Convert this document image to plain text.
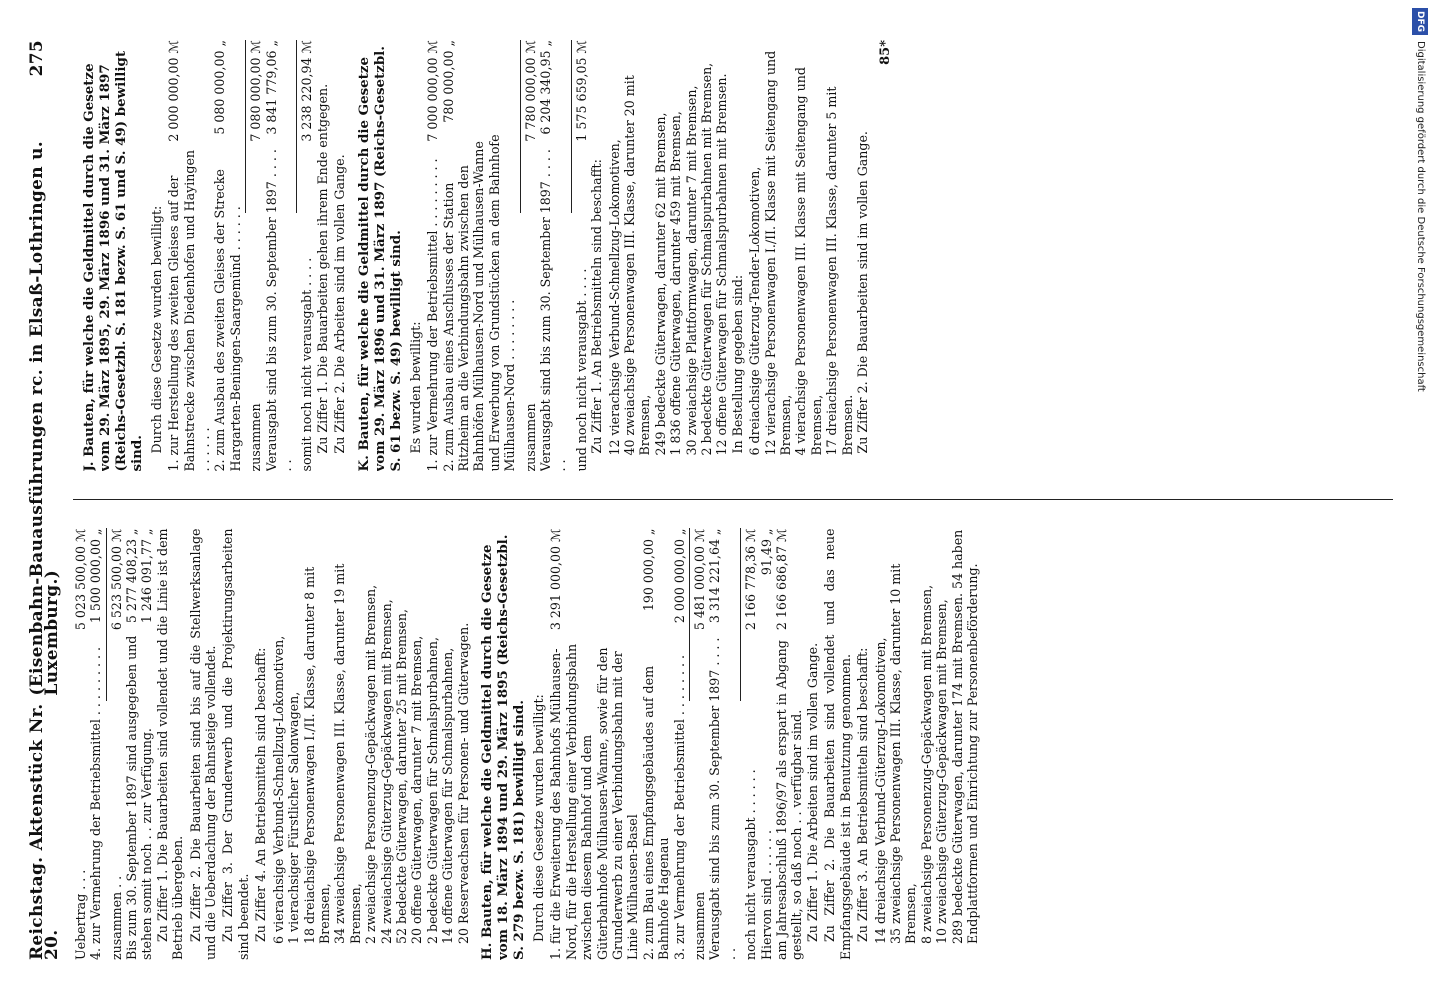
Reichstag. Aktenstück Nr. 20.
(Eisenbahn-Bauausführungen rc. in Elsaß-Lothringen u. Luxemburg.)
275
Uebertrag . . .
5 023 500,00 ℳ
4. zur Vermehrung der Betriebsmittel . . . . . . . . .
1 500 000,00 „
zusammen . .
6 523 500,00 ℳ
Bis zum 30. September 1897 sind ausgegeben und stehen somit noch . . zur Verfügung.
5 277 408,23 „
1 246 091,77 „ Zu Ziffer 1. Die Bauarbeiten sind vollendet und die Linie ist dem Betrieb übergeben. Zu Ziffer 2. Die Bauarbeiten sind bis auf die Stellwerksanlage und die Ueberdachung der Bahnsteige vollendet. Zu Ziffer 3. Der Grunderwerb und die Projektirungsarbeiten sind beendet. Zu Ziffer 4. An Betriebsmitteln sind beschafft: 6 vierachsige Verbund-Schnellzug-Lokomotiven, 1 vierachsiger Fürstlicher Salonwagen, 18 dreiachsige Personenwagen I./II. Klasse, darunter 8 mit Bremsen, 34 zweiachsige Personenwagen III. Klasse, darunter 19 mit Bremsen, 2 zweiachsige Personenzug-Gepäckwagen mit Bremsen, 24 zweiachsige Güterzug-Gepäckwagen mit Bremsen, 52 bedeckte Güterwagen, darunter 25 mit Bremsen, 20 offene Güterwagen, darunter 7 mit Bremsen, 2 bedeckte Güterwagen für Schmalspurbahnen, 14 offene Güterwagen für Schmalspurbahnen, 20 Reserveachsen für Personen- und Güterwagen. H. Bauten, für welche die Geldmittel durch die Gesetze vom 18. März 1894 und 29. März 1895 (Reichs-Gesetzbl. S. 279 bezw. S. 181) bewilligt sind. Durch diese Gesetze wurden bewilligt: 1. für die Erweiterung des Bahnhofs Mülhausen-Nord, für die Herstellung einer Verbindungsbahn zwischen diesem Bahnhof und dem Güterbahnhofe Mülhausen-Wanne, sowie für den Grunderwerb zu einer Verbindungsbahn mit der Linie Mülhausen-Basel
3 291 000,00 ℳ
2. zum Bau eines Empfangsgebäudes auf dem Bahnhofe Hagenau
190 000,00 „
3. zur Vermehrung der Betriebsmittel . . . . . . . .
2 000 000,00 „
zusammen
5 481 000,00 ℳ
Verausgabt sind bis zum 30. September 1897 . . . . . .
3 314 221,64 „
noch nicht verausgabt . . . . . .
2 166 778,36 ℳ
Hiervon sind . . . . . .
91,49 „
am Jahresabschluß 1896/97 als erspart in Abgang gestellt, so daß noch . . verfügbar sind.
2 166 686,87 ℳ

Zu Ziffer 1. Die Arbeiten sind im vollen Gange. Zu Ziffer 2. Die Bauarbeiten sind vollendet und das neue Empfangsgebäude ist in Benutzung genommen. Zu Ziffer 3. An Betriebsmitteln sind beschafft: 14 dreiachsige Verbund-Güterzug-Lokomotiven, 35 zweiachsige Personenwagen III. Klasse, darunter 10 mit Bremsen, 8 zweiachsige Personenzug-Gepäckwagen mit Bremsen, 10 zweiachsige Güterzug-Gepäckwagen mit Bremsen, 289 bedeckte Güterwagen, darunter 174 mit Bremsen. 54 haben Endplattformen und Einrichtung zur Personenbeförderung.
J. Bauten, für welche die Geldmittel durch die Gesetze vom 29. März 1895, 29. März 1896 und 31. März 1897 (Reichs-Gesetzbl. S. 181 bezw. S. 61 und S. 49) bewilligt sind. Durch diese Gesetze wurden bewilligt: 1. zur Herstellung des zweiten Gleises auf der Bahnstrecke zwischen Diedenhofen und Hayingen . . . . . .
2 000 000,00 ℳ
2. zum Ausbau des zweiten Gleises der Strecke Hargarten-Beningen-Saargemünd . . . . . .
5 080 000,00 „
zusammen
7 080 000,00 ℳ
Verausgabt sind bis zum 30. September 1897 . . . . . .
3 841 779,06 „
somit noch nicht verausgabt . . . .
3 238 220,94 ℳ Zu Ziffer 1. Die Bauarbeiten gehen ihrem Ende entgegen. Zu Ziffer 2. Die Arbeiten sind im vollen Gange. K. Bauten, für welche die Geldmittel durch die Gesetze vom 29. März 1896 und 31. März 1897 (Reichs-Gesetzbl. S. 61 bezw. S. 49) bewilligt sind. Es wurden bewilligt: 1. zur Vermehrung der Betriebsmittel . . . . . . . . .
7 000 000,00 ℳ
2. zum Ausbau eines Anschlusses der Station Ritzheim an die Verbindungsbahn zwischen den Bahnhöfen Mülhausen-Nord und Mülhausen-Wanne und Erwerbung von Grundstücken an dem Bahnhofe Mülhausen-Nord . . . . . . . .
780 000,00 „
zusammen
7 780 000,00 ℳ
Verausgabt sind bis zum 30. September 1897 . . . . . .
6 204 340,95 „
und noch nicht verausgabt . . . .
1 575 659,05 ℳ

Zu Ziffer 1. An Betriebsmitteln sind beschafft: 12 vierachsige Verbund-Schnellzug-Lokomotiven, 40 zweiachsige Personenwagen III. Klasse, darunter 20 mit Bremsen, 249 bedeckte Güterwagen, darunter 62 mit Bremsen, 1 836 offene Güterwagen, darunter 459 mit Bremsen, 30 zweiachsige Plattformwagen, darunter 7 mit Bremsen, 2 bedeckte Güterwagen für Schmalspurbahnen mit Bremsen, 12 offene Güterwagen für Schmalspurbahnen mit Bremsen. In Bestellung gegeben sind: 6 dreiachsige Güterzug-Tender-Lokomotiven, 12 vierachsige Personenwagen I./II. Klasse mit Seitengang und Bremsen, 4 vierachsige Personenwagen III. Klasse mit Seitengang und Bremsen, 17 dreiachsige Personenwagen III. Klasse, darunter 5 mit Bremsen. Zu Ziffer 2. Die Bauarbeiten sind im vollen Gange.

85*
DFGDigitalisierung gefördert durch die Deutsche Forschungsgemeinschaft
